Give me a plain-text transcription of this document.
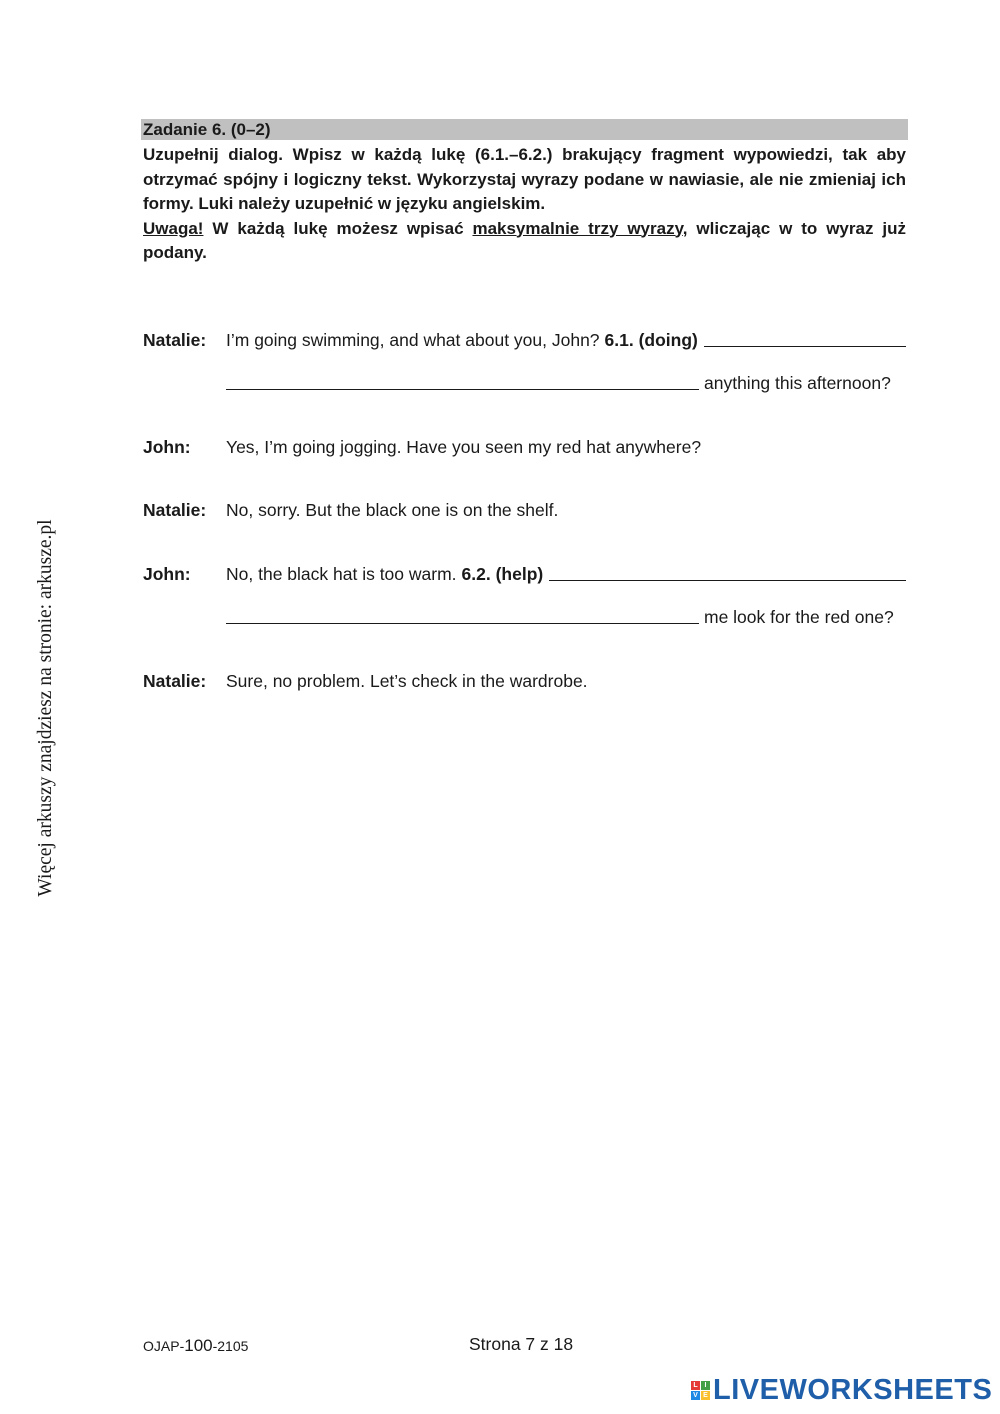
Zadanie 6. (0–2)

Uzupełnij dialog. Wpisz w każdą lukę (6.1.–6.2.) brakujący fragment wypowiedzi, tak aby otrzymać spójny i logiczny tekst. Wykorzystaj wyrazy podane w nawiasie, ale nie zmieniaj ich formy. Luki należy uzupełnić w języku angielskim.

Uwaga! W każdą lukę możesz wpisać maksymalnie trzy wyrazy, wliczając w to wyraz już podany.

Natalie: I’m going swimming, and what about you, John? 6.1. (doing)
anything this afternoon?
John: Yes, I’m going jogging. Have you seen my red hat anywhere?
Natalie: No, sorry. But the black one is on the shelf.
John: No, the black hat is too warm. 6.2. (help)
me look for the red one?
Natalie: Sure, no problem. Let’s check in the wardrobe.
Więcej arkuszy znajdziesz na stronie: arkusze.pl
OJAP-100-2105	Strona 7 z 18
L I
V E LIVEWORKSHEETS
